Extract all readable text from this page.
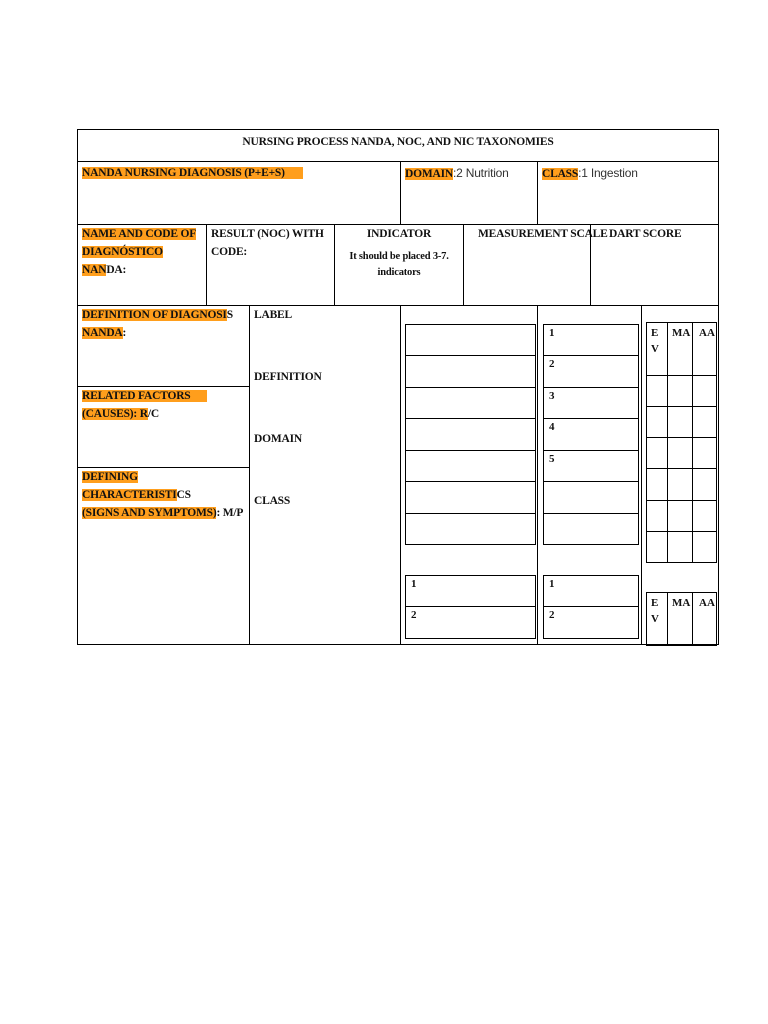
NURSING PROCESS NANDA, NOC, AND NIC TAXONOMIES
NANDA NURSING DIAGNOSIS (P+E+S)	DOMAIN:2 Nutrition	CLASS:1 Ingestion
NAME AND CODE OF
DIAGNÓSTICO NANDA:
RESULT (NOC) WITH CODE:
INDICATOR
It should be placed 3-7. indicators
MEASUREMENT SCALE DART SCORE
DEFINITION OF DIAGNOSIS
NANDA:
RELATED FACTORS
(CAUSES): R/C
DEFINING CHARACTERISTICS
(SIGNS AND SYMPTOMS): M/P
LABEL
DEFINITION
DOMAIN
CLASS
1
2
1
2
3
4
5
1
2
E V
MA AA
E V
MA AA
